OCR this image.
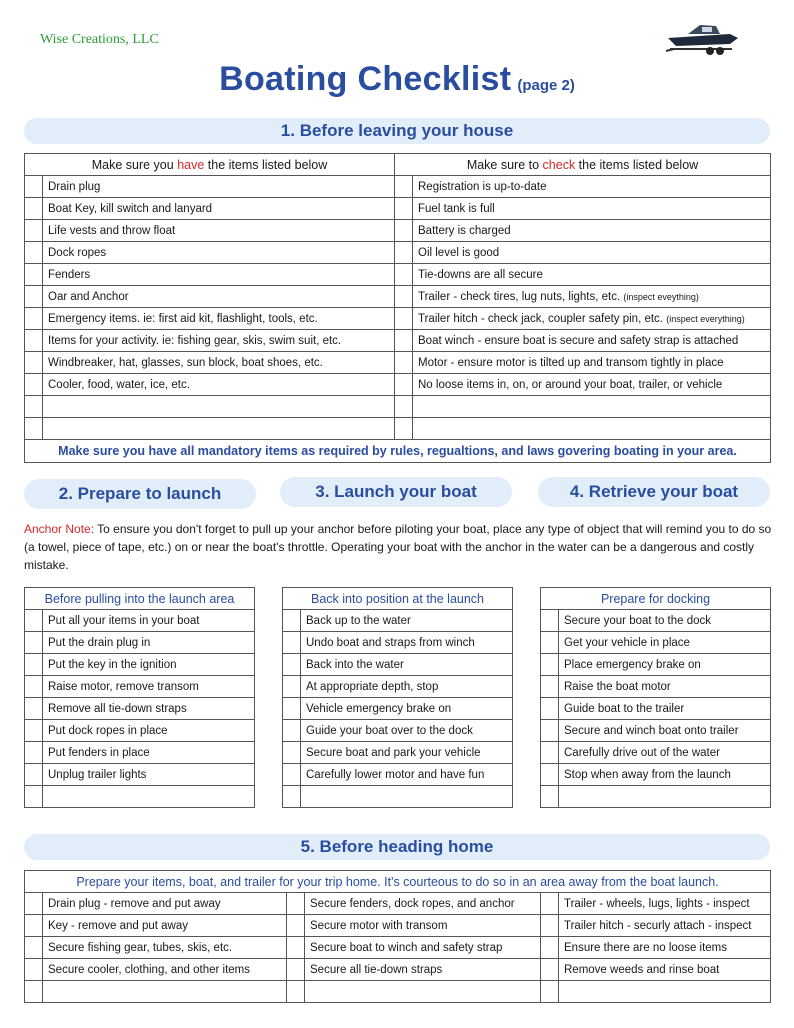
Wise Creations, LLC
Boating Checklist (page 2)
1. Before leaving your house
Make sure you have the items listed below		Make sure to check the items listed below	
	Drain plug		Registration is up-to-date
	Boat Key, kill switch and lanyard		Fuel tank is full
	Life vests and throw float		Battery is charged
	Dock ropes		Oil level is good
	Fenders		Tie-downs are all secure
	Oar and Anchor		Trailer - check tires, lug nuts, lights, etc. (inspect eveything)
	Emergency items. ie: first aid kit, flashlight, tools, etc.		Trailer hitch - check jack, coupler safety pin, etc. (inspect everything)
	Items for your activity. ie: fishing gear, skis, swim suit, etc.		Boat winch - ensure boat is secure and safety strap is attached
	Windbreaker, hat, glasses, sun block, boat shoes, etc.		Motor - ensure motor is tilted up and transom tightly in place
	Cooler, food, water, ice, etc.		No loose items in, on, or around your boat, trailer, or vehicle

Make sure you have all mandatory items as required by rules, regualtions, and laws govering boating in your area.			
2. Prepare to launch	3. Launch your boat	4. Retrieve your boat
Anchor Note: To ensure you don't forget to pull up your anchor before piloting your boat, place any type of object that will remind you to do so (a towel, piece of tape, etc.) on or near the boat's throttle. Operating your boat with the anchor in the water can be a dangerous and costly mistake.
Before pulling into the launch area	
	Put all your items in your boat
	Put the drain plug in
	Put the key in the ignition
	Raise motor, remove transom
	Remove all tie-down straps
	Put dock ropes in place
	Put fenders in place
	Unplug trailer lights

Back into position at the launch	
	Back up to the water
	Undo boat and straps from winch
	Back into the water
	At appropriate depth, stop
	Vehicle emergency brake on
	Guide your boat over to the dock
	Secure boat and park your vehicle
	Carefully lower motor and have fun

Prepare for docking	
	Secure your boat to the dock
	Get your vehicle in place
	Place emergency brake on
	Raise the boat motor
	Guide boat to the trailer
	Secure and winch boat onto trailer
	Carefully drive out of the water
	Stop when away from the launch

5. Before heading home
Prepare your items, boat, and trailer for your trip home. It's courteous to do so in an area away from the boat launch.					
	Drain plug - remove and put away		Secure fenders, dock ropes, and anchor		Trailer - wheels, lugs, lights - inspect
	Key - remove and put away		Secure motor with transom		Trailer hitch - securly attach - inspect
	Secure fishing gear, tubes, skis, etc.		Secure boat to winch and safety strap		Ensure there are no loose items
	Secure cooler, clothing, and other items		Secure all tie-down straps		Remove weeds and rinse boat
